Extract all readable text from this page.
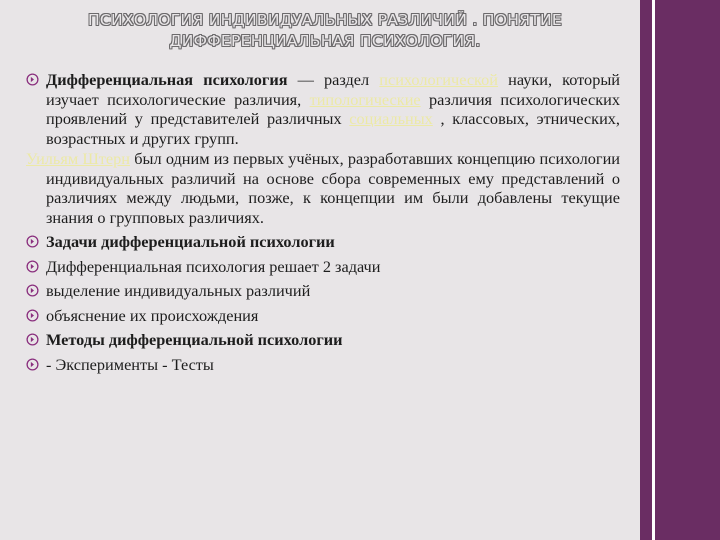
ПСИХОЛОГИЯ ИНДИВИДУАЛЬНЫХ РАЗЛИЧИЙ . ПОНЯТИЕ
ДИФФЕРЕНЦИАЛЬНАЯ ПСИХОЛОГИЯ.

Дифференциальная психология — раздел психологической науки, который изучает психологические различия, типологические различия психологических проявлений у представителей различных социальных , классовых, этнических, возрастных и других групп.

Уильям Штерн был одним из первых учёных, разработавших концепцию психологии индивидуальных различий на основе сбора современных ему представлений о различиях между людьми, позже, к концепции им были добавлены текущие знания о групповых различиях.

Задачи дифференциальной психологии

Дифференциальная психология решает 2 задачи

выделение индивидуальных различий

объяснение их происхождения

Методы дифференциальной психологии

- Эксперименты - Тесты
